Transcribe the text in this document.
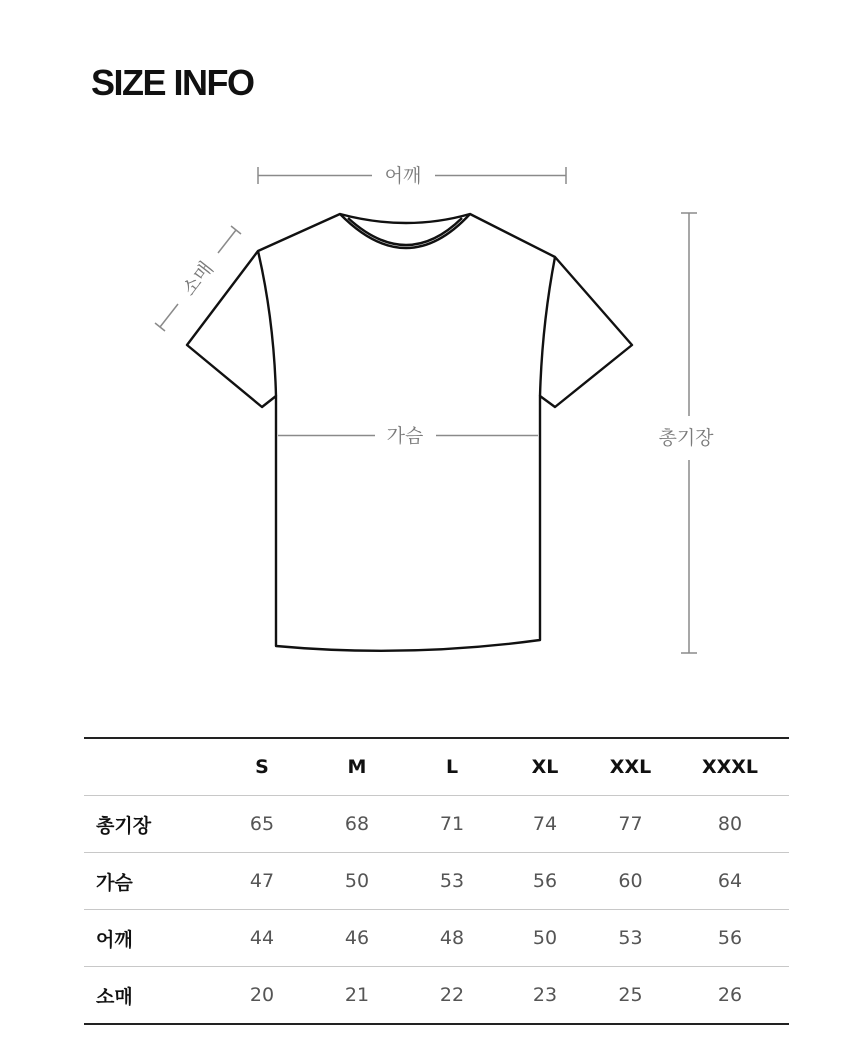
SIZE INFO
어깨
소매
가슴	총기장
	S	M	L	XL	XXL	XXXL
총기장	65	68	71	74	77	80
가슴	47	50	53	56	60	64
어깨	44	46	48	50	53	56
소매	20	21	22	23	25	26
